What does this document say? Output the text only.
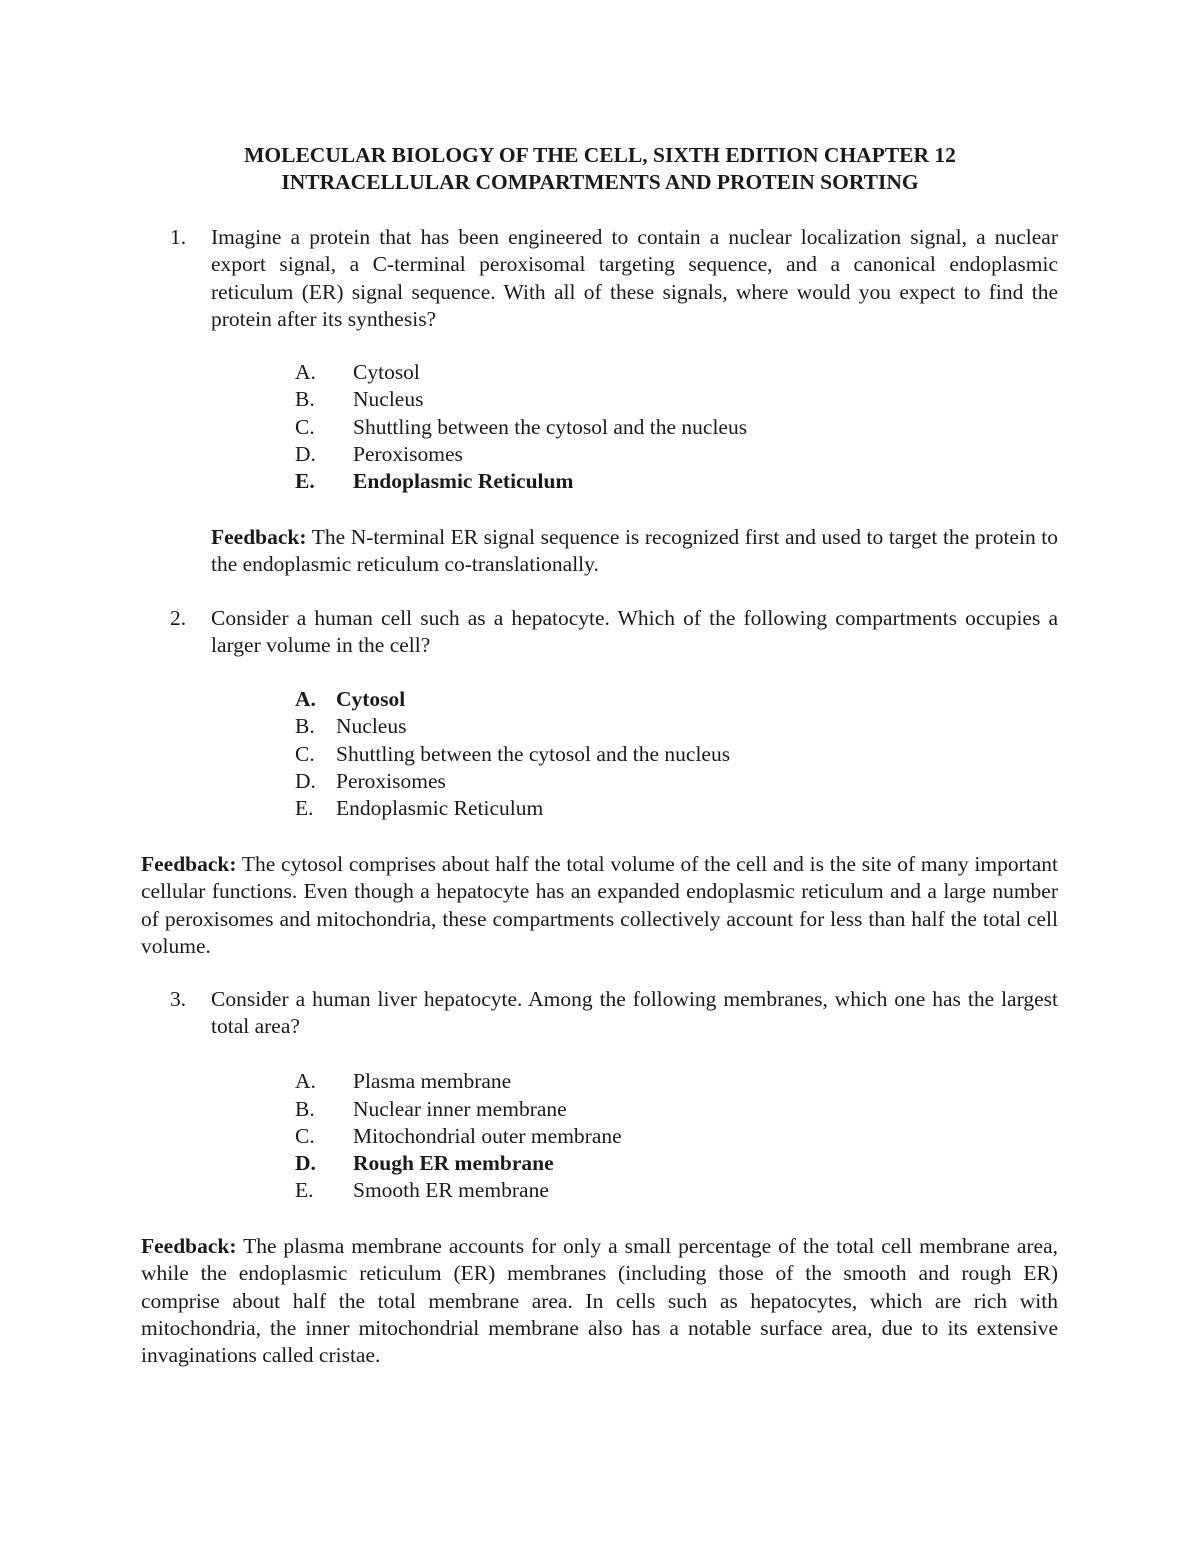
MOLECULAR BIOLOGY OF THE CELL, SIXTH EDITION CHAPTER 12
INTRACELLULAR COMPARTMENTS AND PROTEIN SORTING
1. Imagine a protein that has been engineered to contain a nuclear localization signal, a nuclear export signal, a C-terminal peroxisomal targeting sequence, and a canonical endoplasmic reticulum (ER) signal sequence. With all of these signals, where would you expect to find the protein after its synthesis?
A. Cytosol
B. Nucleus
C. Shuttling between the cytosol and the nucleus
D. Peroxisomes
E. Endoplasmic Reticulum
Feedback: The N-terminal ER signal sequence is recognized first and used to target the protein to the endoplasmic reticulum co-translationally.
2. Consider a human cell such as a hepatocyte. Which of the following compartments occupies a larger volume in the cell?
A. Cytosol
B. Nucleus
C. Shuttling between the cytosol and the nucleus
D. Peroxisomes
E. Endoplasmic Reticulum
Feedback: The cytosol comprises about half the total volume of the cell and is the site of many important cellular functions. Even though a hepatocyte has an expanded endoplasmic reticulum and a large number of peroxisomes and mitochondria, these compartments collectively account for less than half the total cell volume.
3. Consider a human liver hepatocyte. Among the following membranes, which one has the largest total area?
A. Plasma membrane
B. Nuclear inner membrane
C. Mitochondrial outer membrane
D. Rough ER membrane
E. Smooth ER membrane
Feedback: The plasma membrane accounts for only a small percentage of the total cell membrane area, while the endoplasmic reticulum (ER) membranes (including those of the smooth and rough ER) comprise about half the total membrane area. In cells such as hepatocytes, which are rich with mitochondria, the inner mitochondrial membrane also has a notable surface area, due to its extensive invaginations called cristae.
